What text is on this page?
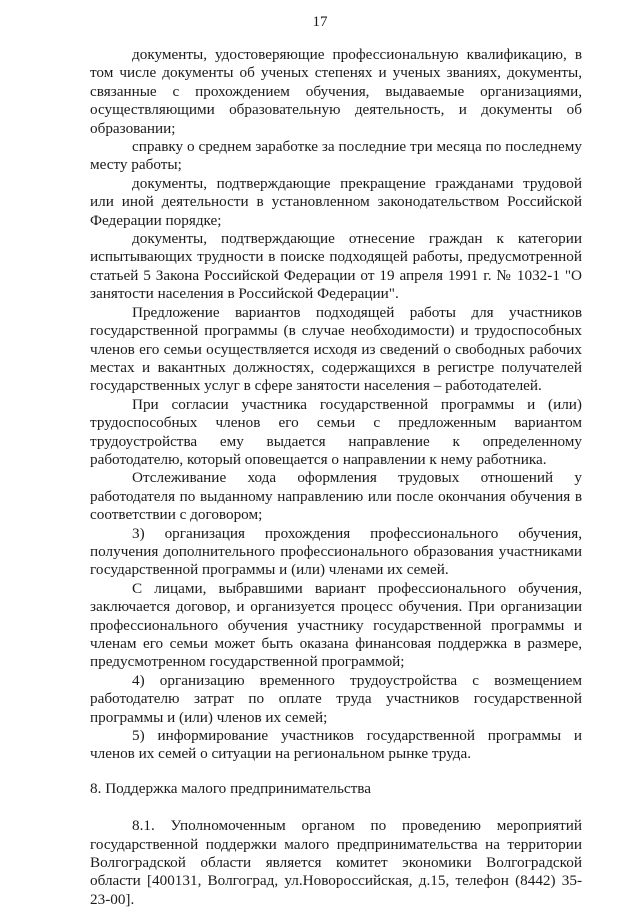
17

документы, удостоверяющие профессиональную квалификацию, в том числе документы об ученых степенях и ученых званиях, документы, связанные с прохождением обучения, выдаваемые организациями, осуществляющими образовательную деятельность, и документы об образовании;

справку о среднем заработке за последние три месяца по последнему месту работы;

документы, подтверждающие прекращение гражданами трудовой или иной деятельности в установленном законодательством Российской Федерации порядке;

документы, подтверждающие отнесение граждан к категории испытывающих трудности в поиске подходящей работы, предусмотренной статьей 5 Закона Российской Федерации от 19 апреля 1991 г. № 1032-1 "О занятости населения в Российской Федерации".

Предложение вариантов подходящей работы для участников государственной программы (в случае необходимости) и трудоспособных членов его семьи осуществляется исходя из сведений о свободных рабочих местах и вакантных должностях, содержащихся в регистре получателей государственных услуг в сфере занятости населения – работодателей.

При согласии участника государственной программы и (или) трудоспособных членов его семьи с предложенным вариантом трудоустройства ему выдается направление к определенному работодателю, который оповещается о направлении к нему работника.

Отслеживание хода оформления трудовых отношений у работодателя по выданному направлению или после окончания обучения в соответствии с договором;

3) организация прохождения профессионального обучения, получения дополнительного профессионального образования участниками государственной программы и (или) членами их семей.

С лицами, выбравшими вариант профессионального обучения, заключается договор, и организуется процесс обучения. При организации профессионального обучения участнику государственной программы и членам его семьи может быть оказана финансовая поддержка в размере, предусмотренном государственной программой;

4) организацию временного трудоустройства с возмещением работодателю затрат по оплате труда участников государственной программы и (или) членов их семей;

5) информирование участников государственной программы и членов их семей о ситуации на региональном рынке труда.

8. Поддержка малого предпринимательства

8.1. Уполномоченным органом по проведению мероприятий государственной поддержки малого предпринимательства на территории Волгоградской области является комитет экономики Волгоградской области [400131, Волгоград, ул.Новороссийская, д.15, телефон (8442) 35-23-00].
